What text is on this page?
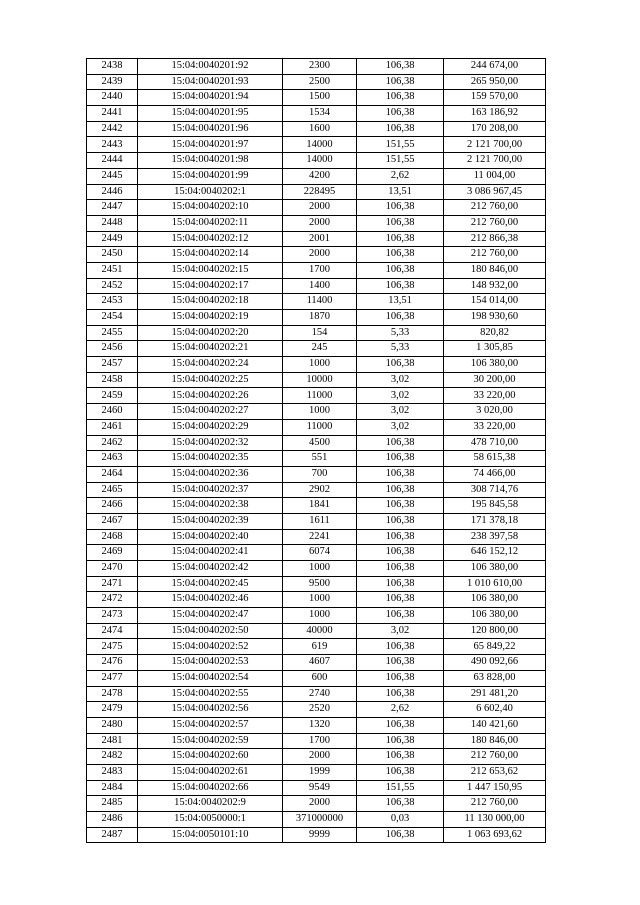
2438	15:04:0040201:92	2300	106,38	244 674,00
2439	15:04:0040201:93	2500	106,38	265 950,00
2440	15:04:0040201:94	1500	106,38	159 570,00
2441	15:04:0040201:95	1534	106,38	163 186,92
2442	15:04:0040201:96	1600	106,38	170 208,00
2443	15:04:0040201:97	14000	151,55	2 121 700,00
2444	15:04:0040201:98	14000	151,55	2 121 700,00
2445	15:04:0040201:99	4200	2,62	11 004,00
2446	15:04:0040202:1	228495	13,51	3 086 967,45
2447	15:04:0040202:10	2000	106,38	212 760,00
2448	15:04:0040202:11	2000	106,38	212 760,00
2449	15:04:0040202:12	2001	106,38	212 866,38
2450	15:04:0040202:14	2000	106,38	212 760,00
2451	15:04:0040202:15	1700	106,38	180 846,00
2452	15:04:0040202:17	1400	106,38	148 932,00
2453	15:04:0040202:18	11400	13,51	154 014,00
2454	15:04:0040202:19	1870	106,38	198 930,60
2455	15:04:0040202:20	154	5,33	820,82
2456	15:04:0040202:21	245	5,33	1 305,85
2457	15:04:0040202:24	1000	106,38	106 380,00
2458	15:04:0040202:25	10000	3,02	30 200,00
2459	15:04:0040202:26	11000	3,02	33 220,00
2460	15:04:0040202:27	1000	3,02	3 020,00
2461	15:04:0040202:29	11000	3,02	33 220,00
2462	15:04:0040202:32	4500	106,38	478 710,00
2463	15:04:0040202:35	551	106,38	58 615,38
2464	15:04:0040202:36	700	106,38	74 466,00
2465	15:04:0040202:37	2902	106,38	308 714,76
2466	15:04:0040202:38	1841	106,38	195 845,58
2467	15:04:0040202:39	1611	106,38	171 378,18
2468	15:04:0040202:40	2241	106,38	238 397,58
2469	15:04:0040202:41	6074	106,38	646 152,12
2470	15:04:0040202:42	1000	106,38	106 380,00
2471	15:04:0040202:45	9500	106,38	1 010 610,00
2472	15:04:0040202:46	1000	106,38	106 380,00
2473	15:04:0040202:47	1000	106,38	106 380,00
2474	15:04:0040202:50	40000	3,02	120 800,00
2475	15:04:0040202:52	619	106,38	65 849,22
2476	15:04:0040202:53	4607	106,38	490 092,66
2477	15:04:0040202:54	600	106,38	63 828,00
2478	15:04:0040202:55	2740	106,38	291 481,20
2479	15:04:0040202:56	2520	2,62	6 602,40
2480	15:04:0040202:57	1320	106,38	140 421,60
2481	15:04:0040202:59	1700	106,38	180 846,00
2482	15:04:0040202:60	2000	106,38	212 760,00
2483	15:04:0040202:61	1999	106,38	212 653,62
2484	15:04:0040202:66	9549	151,55	1 447 150,95
2485	15:04:0040202:9	2000	106,38	212 760,00
2486	15:04:0050000:1	371000000	0,03	11 130 000,00
2487	15:04:0050101:10	9999	106,38	1 063 693,62
